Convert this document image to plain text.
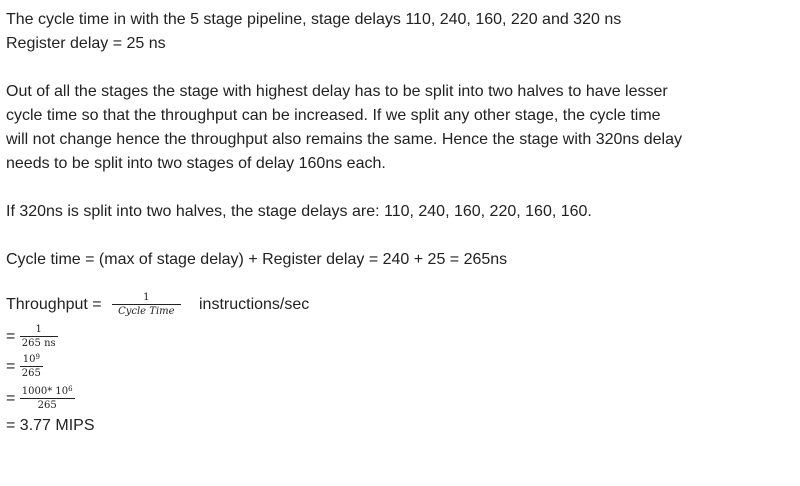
The cycle time in with the 5 stage pipeline, stage delays 110, 240, 160, 220 and 320 ns

Register delay = 25 ns

Out of all the stages the stage with highest delay has to be split into two halves to have lesser

cycle time so that the throughput can be increased. If we split any other stage, the cycle time

will not change hence the throughput also remains the same. Hence the stage with 320ns delay

needs to be split into two stages of delay 160ns each.

If 320ns is split into two halves, the stage delays are: 110, 240, 160, 220, 160, 160.

Cycle time = (max of stage delay) + Register delay = 240 + 25 = 265ns

Throughput = $\frac{1}{\text{Cycle Time}}$ instructions/sec
= $\frac{1}{265 ns}$
= $\frac{10^9}{265}$
= $\frac{1000* 10^6}{265}$

= 3.77 MIPS
